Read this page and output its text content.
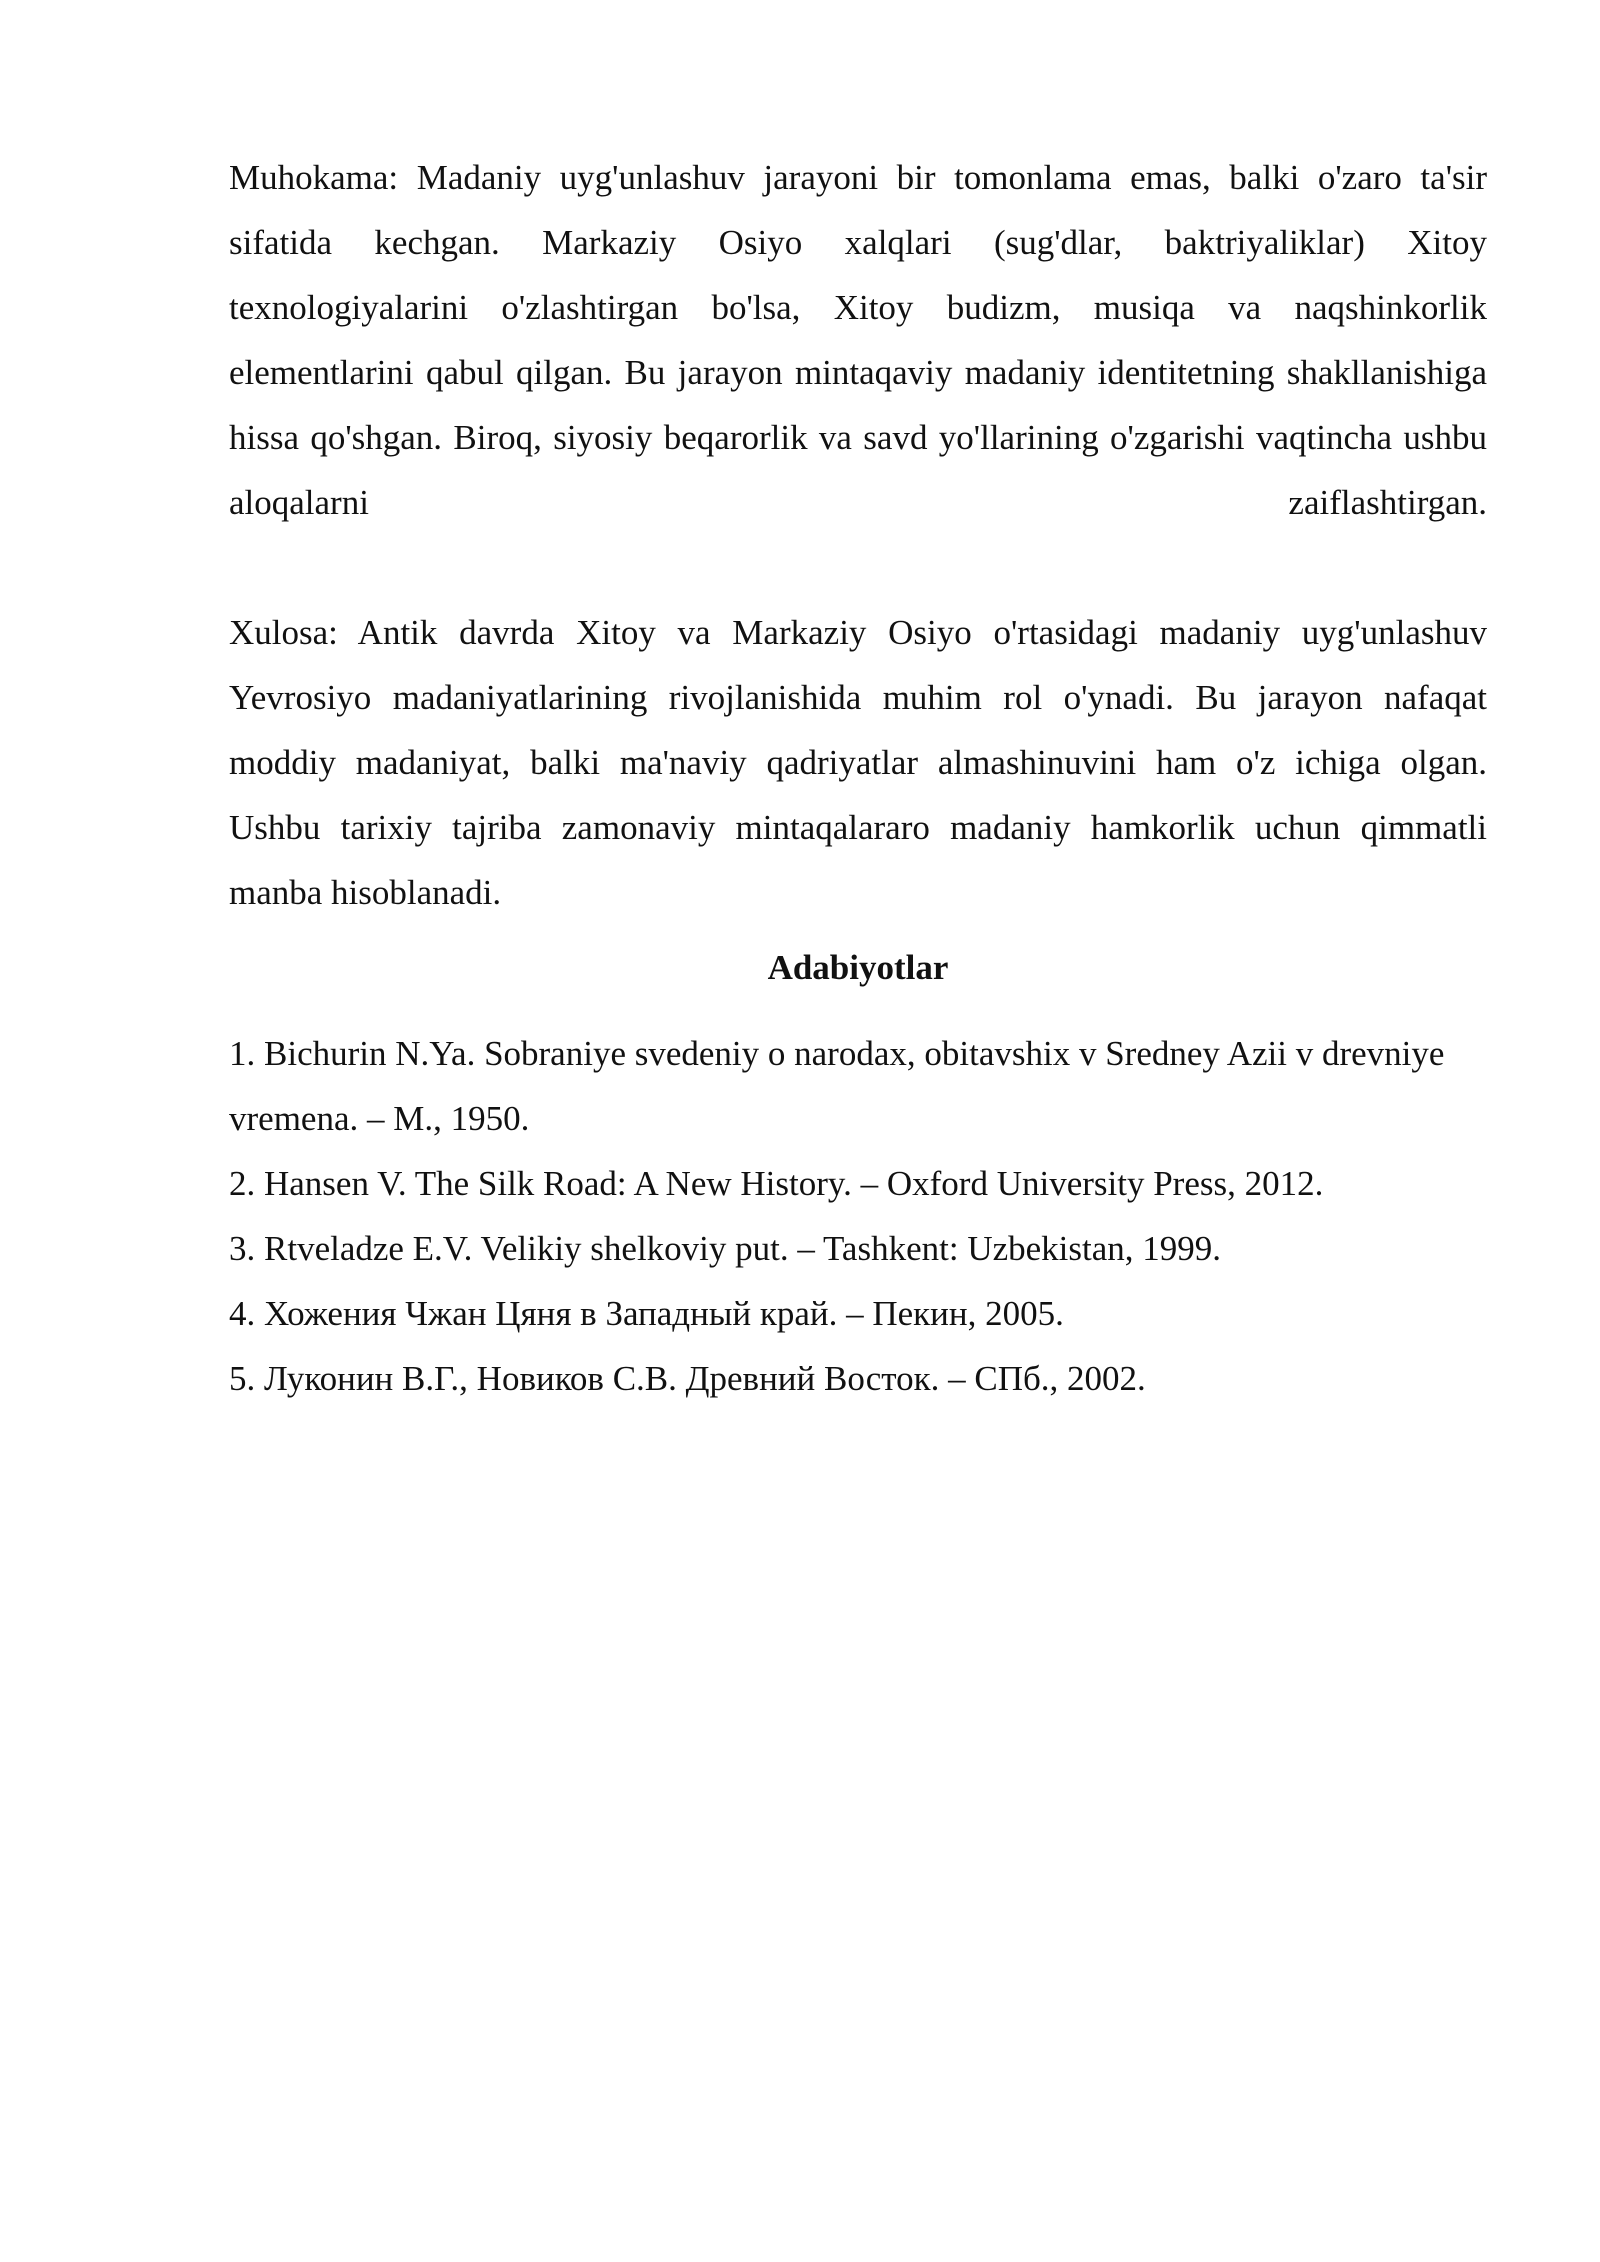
Muhokama: Madaniy uyg'unlashuv jarayoni bir tomonlama emas, balki o'zaro ta'sir sifatida kechgan. Markaziy Osiyo xalqlari (sug'dlar, baktriyaliklar) Xitoy texnologiyalarini o'zlashtirgan bo'lsa, Xitoy budizm, musiqa va naqshinkorlik elementlarini qabul qilgan. Bu jarayon mintaqaviy madaniy identitetning shakllanishiga hissa qo'shgan. Biroq, siyosiy beqarorlik va savd yo'llarining o'zgarishi vaqtincha ushbu aloqalarni zaiflashtirgan.

Xulosa: Antik davrda Xitoy va Markaziy Osiyo o'rtasidagi madaniy uyg'unlashuv Yevrosiyo madaniyatlarining rivojlanishida muhim rol o'ynadi. Bu jarayon nafaqat moddiy madaniyat, balki ma'naviy qadriyatlar almashinuvini ham o'z ichiga olgan. Ushbu tarixiy tajriba zamonaviy mintaqalararo madaniy hamkorlik uchun qimmatli manba hisoblanadi.

Adabiyotlar
1. Bichurin N.Ya. Sobraniye svedeniy o narodax, obitavshix v Sredney Azii v drevniye vremena. – M., 1950.
2. Hansen V. The Silk Road: A New History. – Oxford University Press, 2012.
3. Rtveladze E.V. Velikiy shelkoviy put. – Tashkent: Uzbekistan, 1999.
4. Хожения Чжан Цяня в Западный край. – Пекин, 2005.
5. Луконин В.Г., Новиков С.В. Древний Восток. – СПб., 2002.
